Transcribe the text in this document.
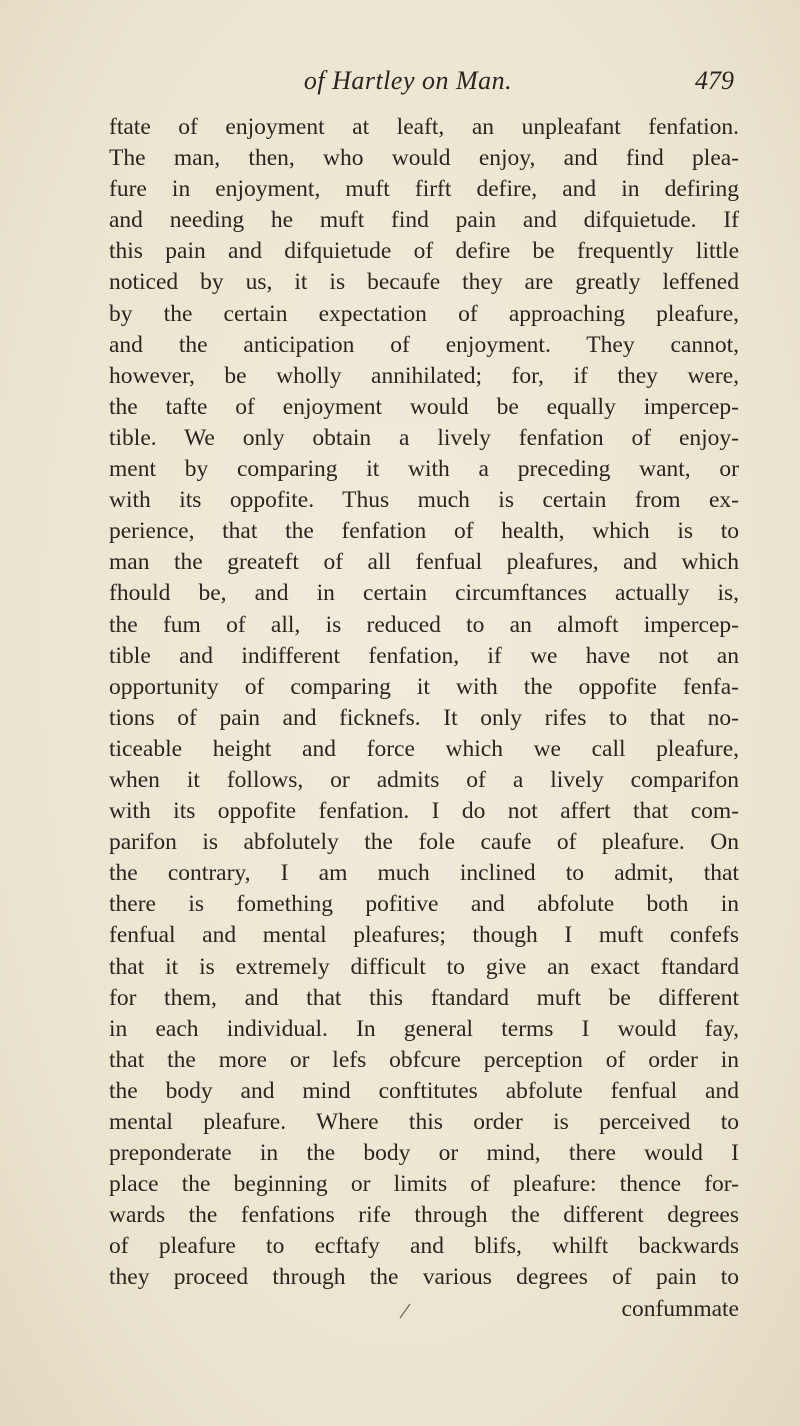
of Hartley on Man.	479
ftate of enjoyment at leaft, an unpleafant fenfation.
The man, then, who would enjoy, and find plea-
fure in enjoyment, muft firft defire, and in defiring
and needing he muft find pain and difquietude. If
this pain and difquietude of defire be frequently little
noticed by us, it is becaufe they are greatly leffened
by the certain expectation of approaching pleafure,
and the anticipation of enjoyment. They cannot,
however, be wholly annihilated; for, if they were,
the tafte of enjoyment would be equally impercep-
tible. We only obtain a lively fenfation of enjoy-
ment by comparing it with a preceding want, or
with its oppofite. Thus much is certain from ex-
perience, that the fenfation of health, which is to
man the greateft of all fenfual pleafures, and which
fhould be, and in certain circumftances actually is,
the fum of all, is reduced to an almoft impercep-
tible and indifferent fenfation, if we have not an
opportunity of comparing it with the oppofite fenfa-
tions of pain and ficknefs. It only rifes to that no-
ticeable height and force which we call pleafure,
when it follows, or admits of a lively comparifon
with its oppofite fenfation. I do not affert that com-
parifon is abfolutely the fole caufe of pleafure. On
the contrary, I am much inclined to admit, that
there is fomething pofitive and abfolute both in
fenfual and mental pleafures; though I muft confefs
that it is extremely difficult to give an exact ftandard
for them, and that this ftandard muft be different
in each individual. In general terms I would fay,
that the more or lefs obfcure perception of order in
the body and mind conftitutes abfolute fenfual and
mental pleafure. Where this order is perceived to
preponderate in the body or mind, there would I
place the beginning or limits of pleafure: thence for-
wards the fenfations rife through the different degrees
of pleafure to ecftafy and blifs, whilft backwards
they proceed through the various degrees of pain to
confummate
